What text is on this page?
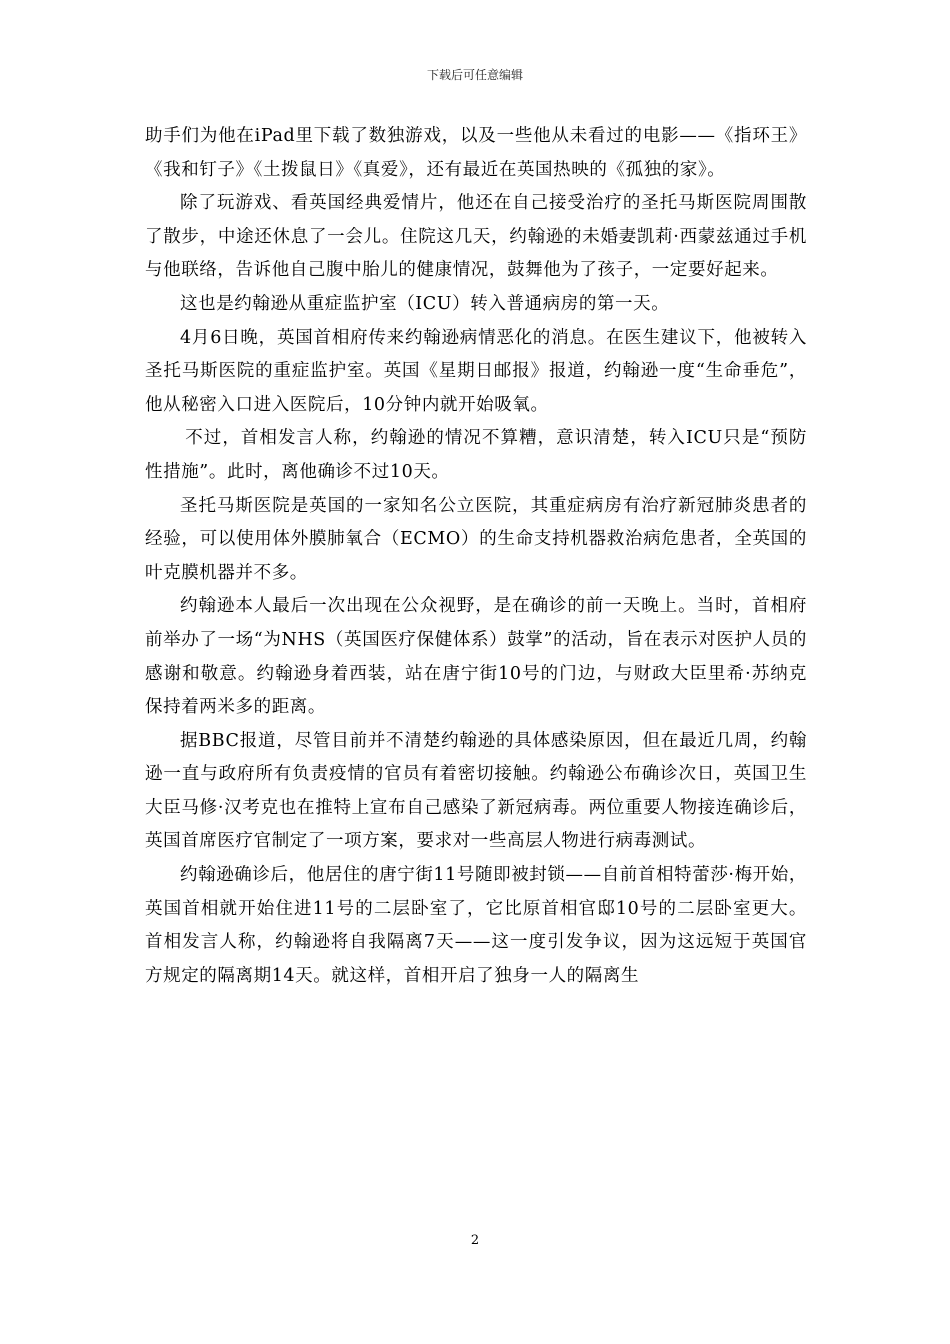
下载后可任意编辑

助手们为他在iPad里下载了数独游戏，以及一些他从未看过的电影——《指环王》《我和钉子》《土拨鼠日》《真爱》，还有最近在英国热映的《孤独的家》。

除了玩游戏、看英国经典爱情片，他还在自己接受治疗的圣托马斯医院周围散了散步，中途还休息了一会儿。住院这几天，约翰逊的未婚妻凯莉·西蒙兹通过手机与他联络，告诉他自己腹中胎儿的健康情况，鼓舞他为了孩子，一定要好起来。

这也是约翰逊从重症监护室（ICU）转入普通病房的第一天。

4月6日晚，英国首相府传来约翰逊病情恶化的消息。在医生建议下，他被转入圣托马斯医院的重症监护室。英国《星期日邮报》报道，约翰逊一度“生命垂危”，他从秘密入口进入医院后，10分钟内就开始吸氧。

不过，首相发言人称，约翰逊的情况不算糟，意识清楚，转入ICU只是“预防性措施”。此时，离他确诊不过10天。

圣托马斯医院是英国的一家知名公立医院，其重症病房有治疗新冠肺炎患者的经验，可以使用体外膜肺氧合（ECMO）的生命支持机器救治病危患者，全英国的叶克膜机器并不多。

约翰逊本人最后一次出现在公众视野，是在确诊的前一天晚上。当时，首相府前举办了一场“为NHS（英国医疗保健体系）鼓掌”的活动，旨在表示对医护人员的感谢和敬意。约翰逊身着西装，站在唐宁街10号的门边，与财政大臣里希·苏纳克保持着两米多的距离。

据BBC报道，尽管目前并不清楚约翰逊的具体感染原因，但在最近几周，约翰逊一直与政府所有负责疫情的官员有着密切接触。约翰逊公布确诊次日，英国卫生大臣马修·汉考克也在推特上宣布自己感染了新冠病毒。两位重要人物接连确诊后，英国首席医疗官制定了一项方案，要求对一些高层人物进行病毒测试。

约翰逊确诊后，他居住的唐宁街11号随即被封锁——自前首相特蕾莎·梅开始，英国首相就开始住进11号的二层卧室了，它比原首相官邸10号的二层卧室更大。首相发言人称，约翰逊将自我隔离7天——这一度引发争议，因为这远短于英国官方规定的隔离期14天。就这样，首相开启了独身一人的隔离生

2
